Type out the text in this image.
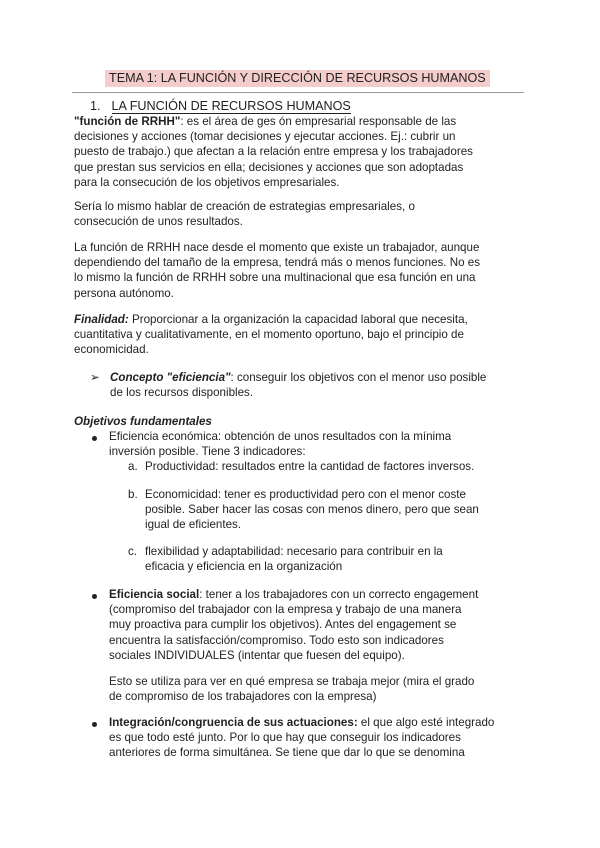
TEMA 1: LA FUNCIÓN Y DIRECCIÓN DE RECURSOS HUMANOS
1. LA FUNCIÓN DE RECURSOS HUMANOS
"función de RRHH": es el área de ges ón empresarial responsable de las
decisiones y acciones (tomar decisiones y ejecutar acciones. Ej.: cubrir un
puesto de trabajo.) que afectan a la relación entre empresa y los trabajadores
que prestan sus servicios en ella; decisiones y acciones que son adoptadas
para la consecución de los objetivos empresariales.
Sería lo mismo hablar de creación de estrategias empresariales, o
consecución de unos resultados.
La función de RRHH nace desde el momento que existe un trabajador, aunque
dependiendo del tamaño de la empresa, tendrá más o menos funciones. No es
lo mismo la función de RRHH sobre una multinacional que esa función en una
persona autónomo.
Finalidad: Proporcionar a la organización la capacidad laboral que necesita,
cuantitativa y cualitativamente, en el momento oportuno, bajo el principio de
economicidad.
➢ Concepto "eficiencia": conseguir los objetivos con el menor uso posible
de los recursos disponibles.
Objetivos fundamentales
Eficiencia económica: obtención de unos resultados con la mínima
inversión posible. Tiene 3 indicadores:
a. Productividad: resultados entre la cantidad de factores inversos.
b. Economicidad: tener es productividad pero con el menor coste
posible. Saber hacer las cosas con menos dinero, pero que sean
igual de eficientes.
c. flexibilidad y adaptabilidad: necesario para contribuir en la
eficacia y eficiencia en la organización
Eficiencia social: tener a los trabajadores con un correcto engagement
(compromiso del trabajador con la empresa y trabajo de una manera
muy proactiva para cumplir los objetivos). Antes del engagement se
encuentra la satisfacción/compromiso. Todo esto son indicadores
sociales INDIVIDUALES (intentar que fuesen del equipo).
Esto se utiliza para ver en qué empresa se trabaja mejor (mira el grado
de compromiso de los trabajadores con la empresa)
Integración/congruencia de sus actuaciones: el que algo esté integrado
es que todo esté junto. Por lo que hay que conseguir los indicadores
anteriores de forma simultánea. Se tiene que dar lo que se denomina
